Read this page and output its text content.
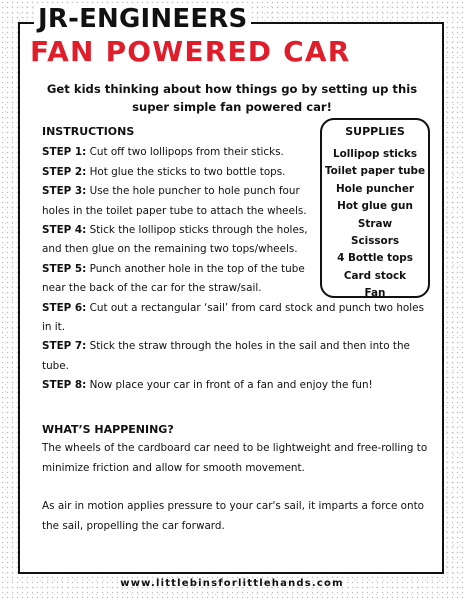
JR-ENGINEERS
FAN POWERED CAR

Get kids thinking about how things go by setting up this super simple fan powered car!

INSTRUCTIONS

STEP 1: Cut off two lollipops from their sticks.

STEP 2: Hot glue the sticks to two bottle tops.

STEP 3: Use the hole puncher to hole punch four holes in the toilet paper tube to attach the wheels.

STEP 4: Stick the lollipop sticks through the holes, and then glue on the remaining two tops/wheels.

STEP 5: Punch another hole in the top of the tube near the back of the car for the straw/sail.

STEP 6: Cut out a rectangular ‘sail’ from card stock and punch two holes in it.

STEP 7: Stick the straw through the holes in the sail and then into the tube.

STEP 8: Now place your car in front of a fan and enjoy the fun!

SUPPLIES
Lollipop sticks
Toilet paper tube
Hole puncher
Hot glue gun
Straw
Scissors
4 Bottle tops
Card stock
Fan
WHAT’S HAPPENING?

The wheels of the cardboard car need to be lightweight and free-rolling to minimize friction and allow for smooth movement.

As air in motion applies pressure to your car's sail, it imparts a force onto the sail, propelling the car forward.

www.littlebinsforlittlehands.com
